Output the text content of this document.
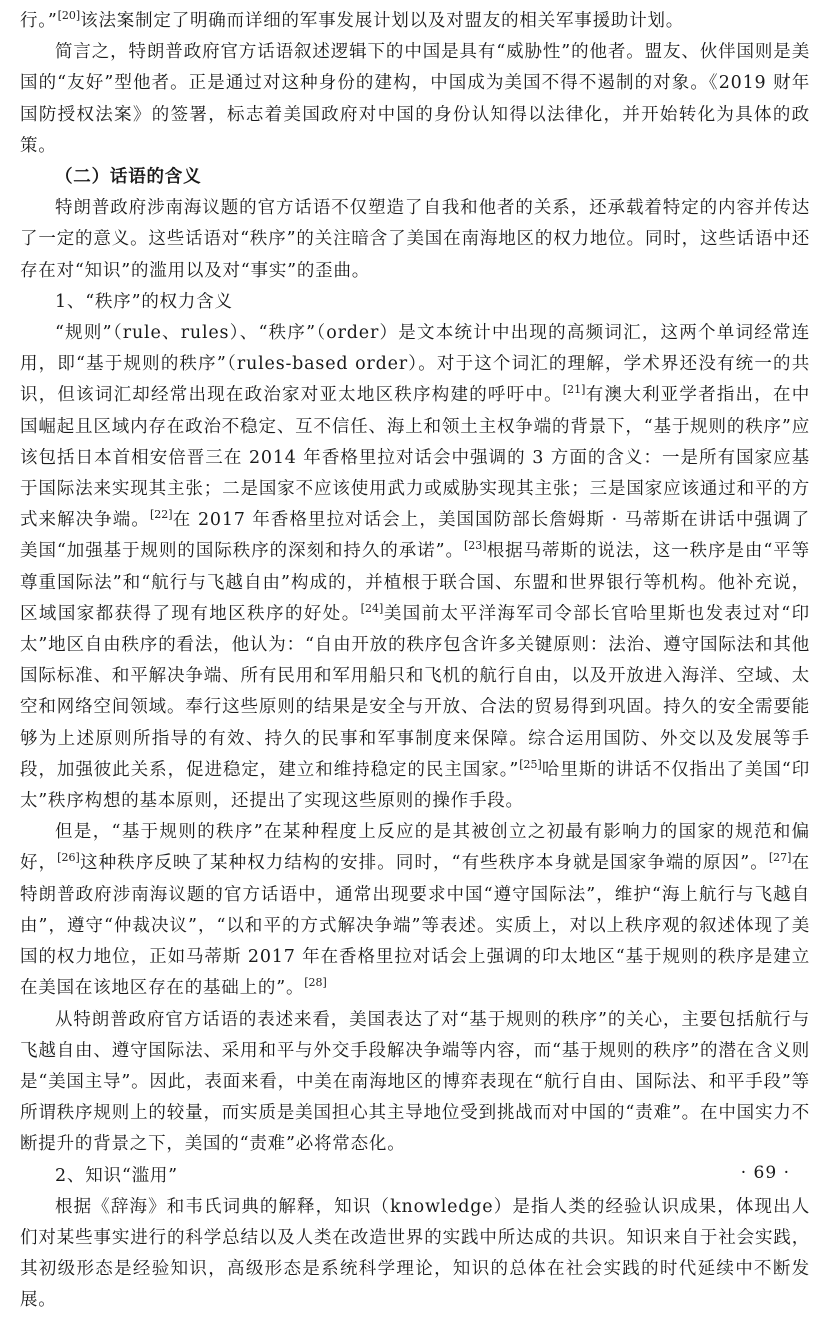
行。”[20]该法案制定了明确而详细的军事发展计划以及对盟友的相关军事援助计划。

简言之，特朗普政府官方话语叙述逻辑下的中国是具有“威胁性”的他者。盟友、伙伴国则是美国的“友好”型他者。正是通过对这种身份的建构，中国成为美国不得不遏制的对象。《2019 财年国防授权法案》的签署，标志着美国政府对中国的身份认知得以法律化，并开始转化为具体的政策。

（二）话语的含义

特朗普政府涉南海议题的官方话语不仅塑造了自我和他者的关系，还承载着特定的内容并传达了一定的意义。这些话语对“秩序”的关注暗含了美国在南海地区的权力地位。同时，这些话语中还存在对“知识”的滥用以及对“事实”的歪曲。

1、“秩序”的权力含义

“规则”（rule、rules）、“秩序”（order）是文本统计中出现的高频词汇，这两个单词经常连用，即“基于规则的秩序”（rules-based order）。对于这个词汇的理解，学术界还没有统一的共识，但该词汇却经常出现在政治家对亚太地区秩序构建的呼吁中。[21]有澳大利亚学者指出，在中国崛起且区域内存在政治不稳定、互不信任、海上和领土主权争端的背景下，“基于规则的秩序”应该包括日本首相安倍晋三在 2014 年香格里拉对话会中强调的 3 方面的含义：一是所有国家应基于国际法来实现其主张；二是国家不应该使用武力或威胁实现其主张；三是国家应该通过和平的方式来解决争端。[22]在 2017 年香格里拉对话会上，美国国防部长詹姆斯 · 马蒂斯在讲话中强调了美国“加强基于规则的国际秩序的深刻和持久的承诺”。[23]根据马蒂斯的说法，这一秩序是由“平等尊重国际法”和“航行与飞越自由”构成的，并植根于联合国、东盟和世界银行等机构。他补充说，区域国家都获得了现有地区秩序的好处。[24]美国前太平洋海军司令部长官哈里斯也发表过对“印太”地区自由秩序的看法，他认为：“自由开放的秩序包含许多关键原则：法治、遵守国际法和其他国际标准、和平解决争端、所有民用和军用船只和飞机的航行自由，以及开放进入海洋、空域、太空和网络空间领域。奉行这些原则的结果是安全与开放、合法的贸易得到巩固。持久的安全需要能够为上述原则所指导的有效、持久的民事和军事制度来保障。综合运用国防、外交以及发展等手段，加强彼此关系，促进稳定，建立和维持稳定的民主国家。”[25]哈里斯的讲话不仅指出了美国“印太”秩序构想的基本原则，还提出了实现这些原则的操作手段。

但是，“基于规则的秩序”在某种程度上反应的是其被创立之初最有影响力的国家的规范和偏好，[26]这种秩序反映了某种权力结构的安排。同时，“有些秩序本身就是国家争端的原因”。[27]在特朗普政府涉南海议题的官方话语中，通常出现要求中国“遵守国际法”，维护“海上航行与飞越自由”，遵守“仲裁决议”，“以和平的方式解决争端”等表述。实质上，对以上秩序观的叙述体现了美国的权力地位，正如马蒂斯 2017 年在香格里拉对话会上强调的印太地区“基于规则的秩序是建立在美国在该地区存在的基础上的”。[28]

从特朗普政府官方话语的表述来看，美国表达了对“基于规则的秩序”的关心，主要包括航行与飞越自由、遵守国际法、采用和平与外交手段解决争端等内容，而“基于规则的秩序”的潜在含义则是“美国主导”。因此，表面来看，中美在南海地区的博弈表现在“航行自由、国际法、和平手段”等所谓秩序规则上的较量，而实质是美国担心其主导地位受到挑战而对中国的“责难”。在中国实力不断提升的背景之下，美国的“责难”必将常态化。

2、知识“滥用”

根据《辞海》和韦氏词典的解释，知识（knowledge）是指人类的经验认识成果，体现出人们对某些事实进行的科学总结以及人类在改造世界的实践中所达成的共识。知识来自于社会实践，其初级形态是经验知识，高级形态是系统科学理论，知识的总体在社会实践的时代延续中不断发展。

· 69 ·
